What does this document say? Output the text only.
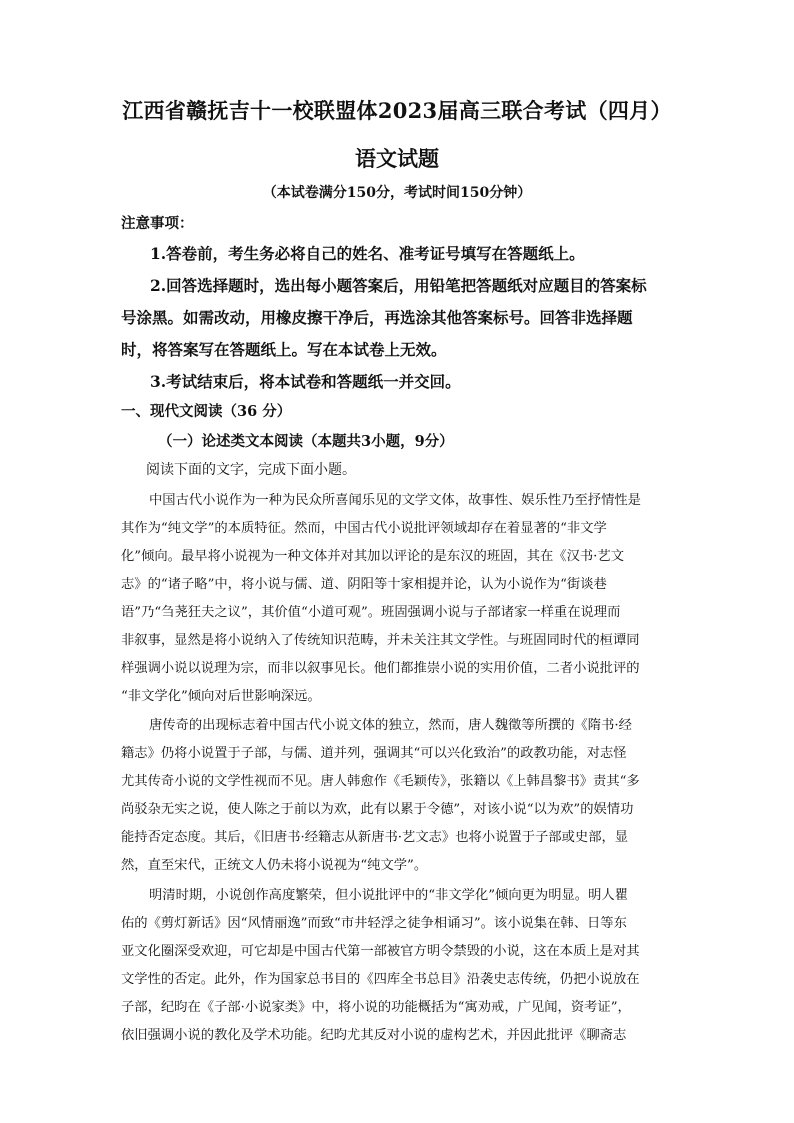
江西省赣抚吉十一校联盟体2023届高三联合考试（四月）
语文试题
（本试卷满分150分，考试时间150分钟）
注意事项：
1.答卷前，考生务必将自己的姓名、准考证号填写在答题纸上。
2.回答选择题时，选出每小题答案后，用铅笔把答题纸对应题目的答案标
号涂黑。如需改动，用橡皮擦干净后，再选涂其他答案标号。回答非选择题
时，将答案写在答题纸上。写在本试卷上无效。
3.考试结束后，将本试卷和答题纸一并交回。
一、现代文阅读（36 分）
（一）论述类文本阅读（本题共3小题，9分）
阅读下面的文字，完成下面小题。
中国古代小说作为一种为民众所喜闻乐见的文学文体，故事性、娱乐性乃至抒情性是
其作为“纯文学”的本质特征。然而，中国古代小说批评领域却存在着显著的“非文学
化”倾向。最早将小说视为一种文体并对其加以评论的是东汉的班固，其在《汉书·艺文
志》的“诸子略”中，将小说与儒、道、阴阳等十家相提并论，认为小说作为“街谈巷
语”乃“刍荛狂夫之议”，其价值“小道可观”。班固强调小说与子部诸家一样重在说理而
非叙事，显然是将小说纳入了传统知识范畴，并未关注其文学性。与班固同时代的桓谭同
样强调小说以说理为宗，而非以叙事见长。他们都推崇小说的实用价值，二者小说批评的
“非文学化”倾向对后世影响深远。
唐传奇的出现标志着中国古代小说文体的独立，然而，唐人魏徵等所撰的《隋书·经
籍志》仍将小说置于子部，与儒、道并列，强调其“可以兴化致治”的政教功能，对志怪
尤其传奇小说的文学性视而不见。唐人韩愈作《毛颖传》，张籍以《上韩昌黎书》责其“多
尚驳杂无实之说，使人陈之于前以为欢，此有以累于令德”，对该小说“以为欢”的娱情功
能持否定态度。其后，《旧唐书·经籍志从新唐书·艺文志》也将小说置于子部或史部，显
然，直至宋代，正统文人仍未将小说视为“纯文学”。
明清时期，小说创作高度繁荣，但小说批评中的“非文学化”倾向更为明显。明人瞿
佑的《剪灯新话》因“风情丽逸”而致“市井轻浮之徒争相诵习”。该小说集在韩、日等东
亚文化圈深受欢迎，可它却是中国古代第一部被官方明令禁毁的小说，这在本质上是对其
文学性的否定。此外，作为国家总书目的《四库全书总目》沿袭史志传统，仍把小说放在
子部，纪昀在《子部·小说家类》中，将小说的功能概括为“寓劝戒，广见闻，资考证”，
依旧强调小说的教化及学术功能。纪昀尤其反对小说的虚构艺术，并因此批评《聊斋志
